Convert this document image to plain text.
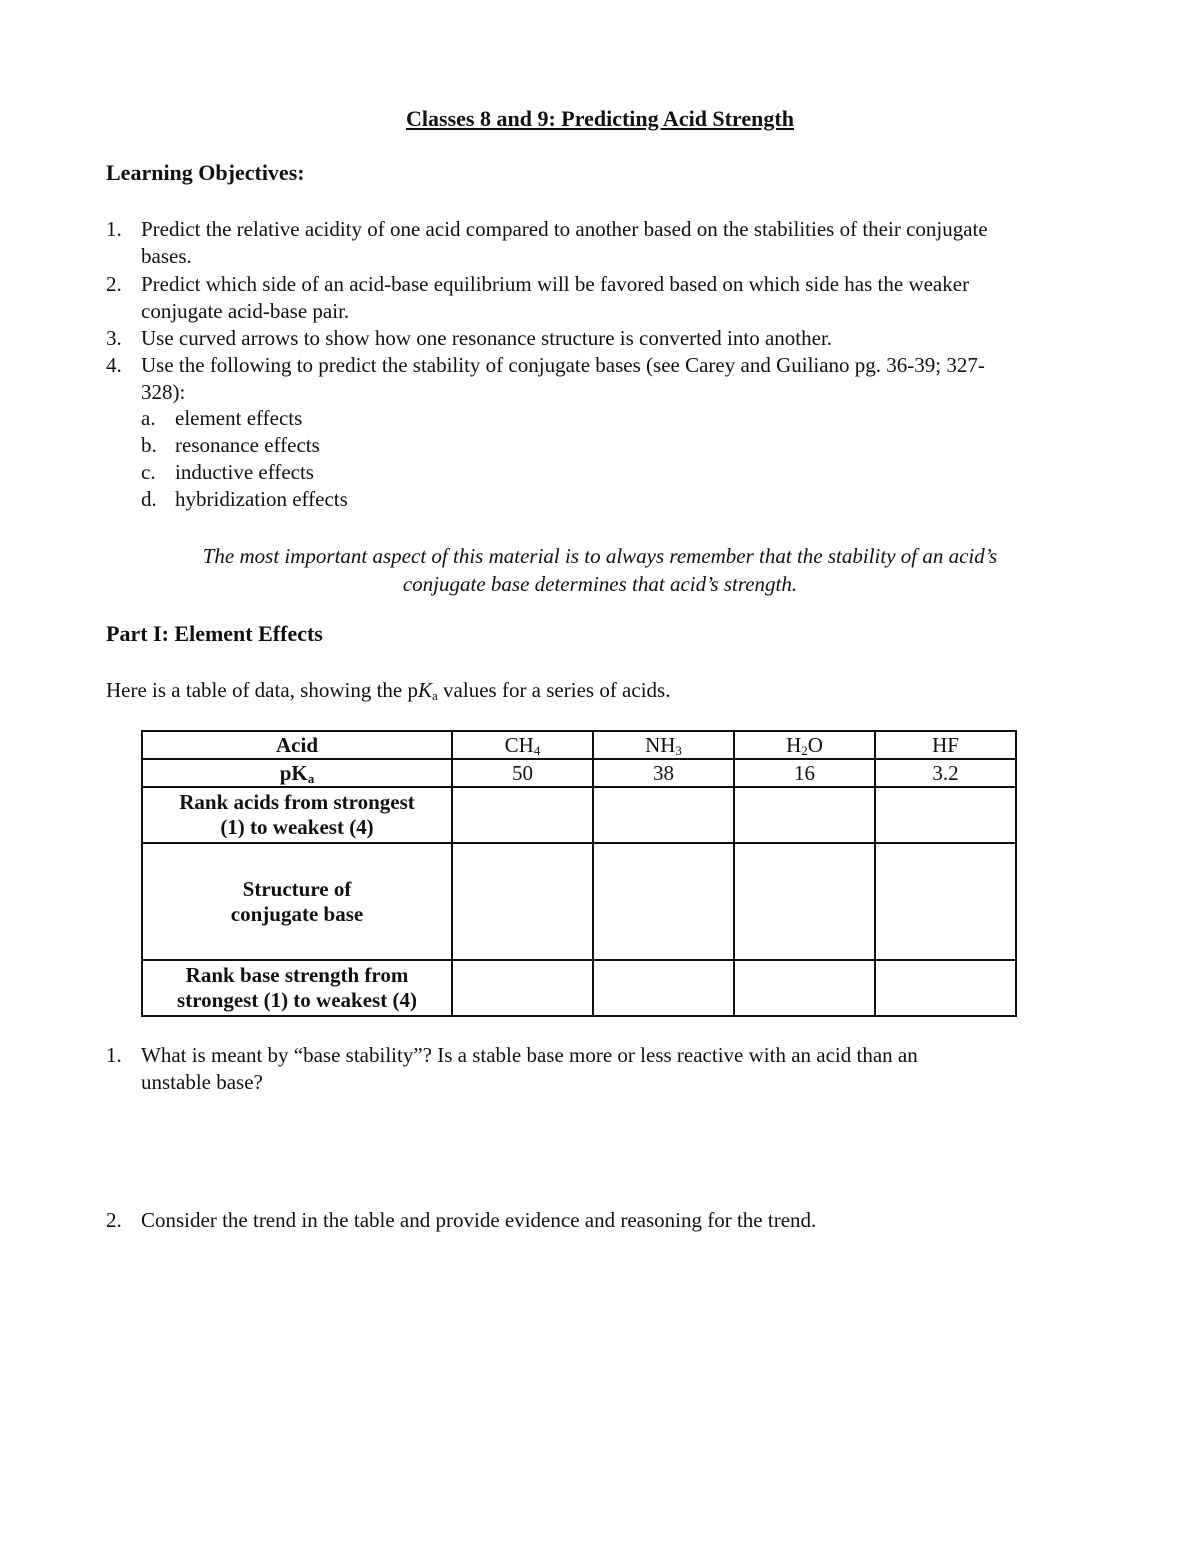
Classes 8 and 9: Predicting Acid Strength
Learning Objectives:
1. Predict the relative acidity of one acid compared to another based on the stabilities of their conjugate
bases.
2. Predict which side of an acid-base equilibrium will be favored based on which side has the weaker
conjugate acid-base pair.
3. Use curved arrows to show how one resonance structure is converted into another.
4. Use the following to predict the stability of conjugate bases (see Carey and Guiliano pg. 36-39; 327-
328):
a. element effects
b. resonance effects
c. inductive effects
d. hybridization effects
The most important aspect of this material is to always remember that the stability of an acid’s
conjugate base determines that acid’s strength.
Part I: Element Effects
Here is a table of data, showing the $pK_a$ values for a series of acids.
Acid	$CH_4$	$NH_3$	$H_2O$	HF
$pK_a$	50	38	16	3.2

Rank acids from strongest
(1) to weakest (4)				

Structure of
conjugate base				

Rank base strength from
strongest (1) to weakest (4)				

1. What is meant by “base stability”? Is a stable base more or less reactive with an acid than an
unstable base?
2. Consider the trend in the table and provide evidence and reasoning for the trend.
